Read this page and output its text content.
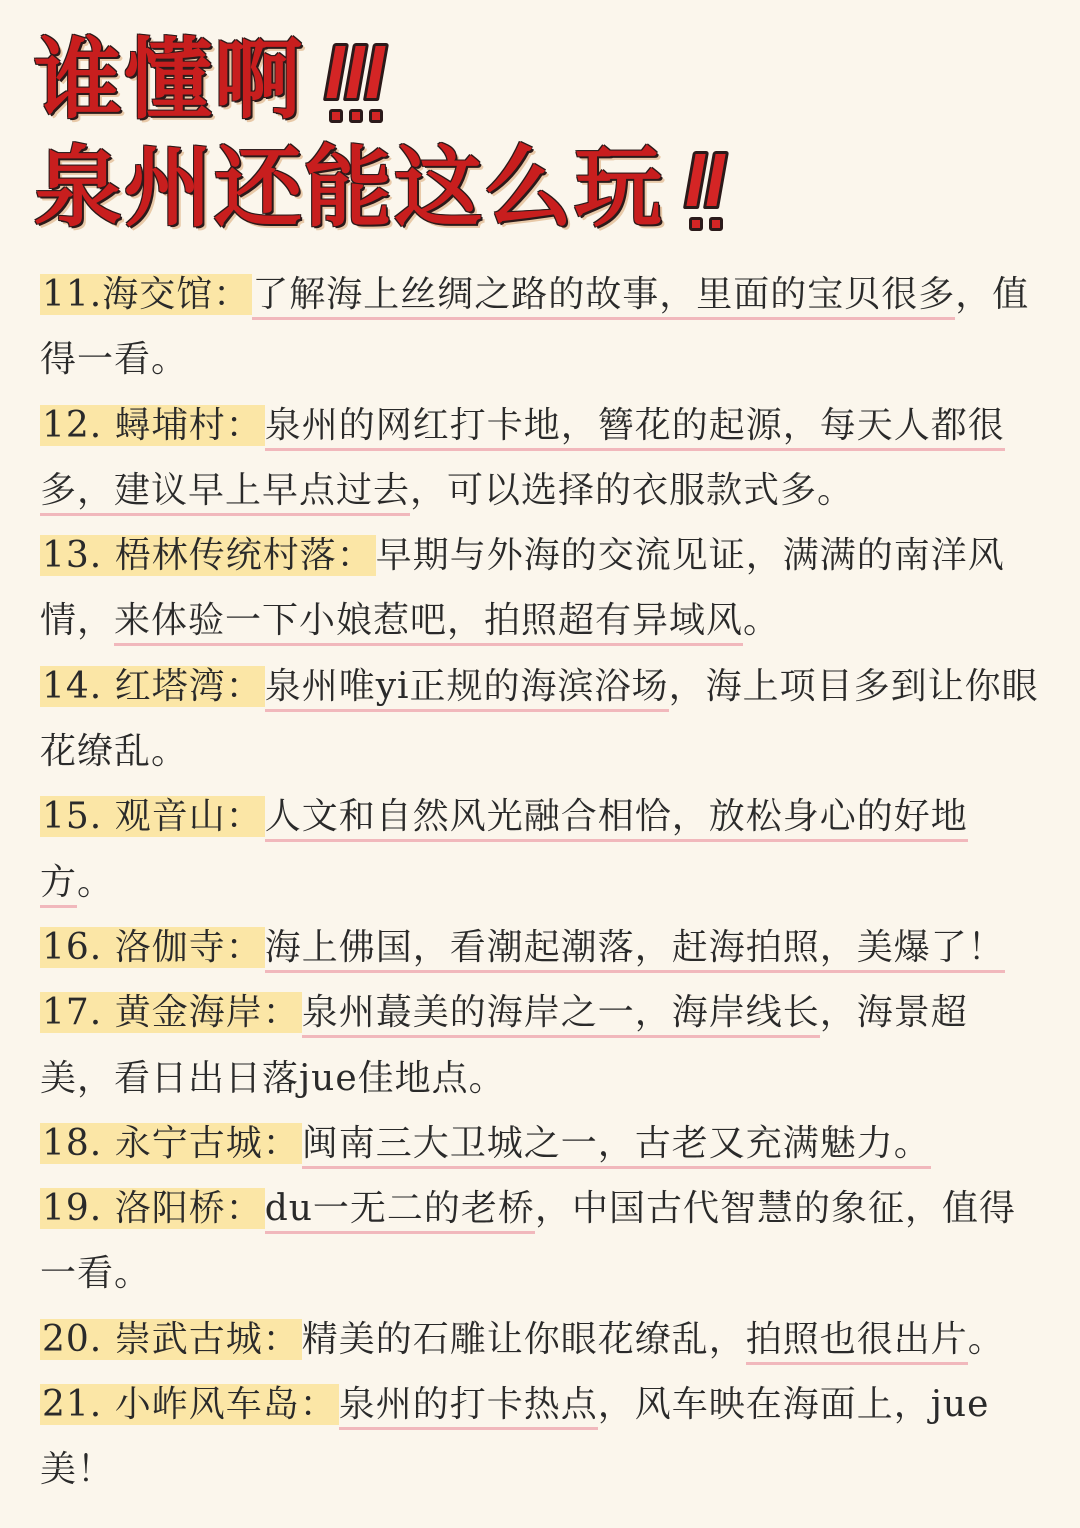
谁懂啊
泉州还能这么玩

11.海交馆：了解海上丝绸之路的故事，里面的宝贝很多，值得一看。

12. 蟳埔村：泉州的网红打卡地，簪花的起源，每天人都很多，建议早上早点过去，可以选择的衣服款式多。

13. 梧林传统村落：早期与外海的交流见证，满满的南洋风情，来体验一下小娘惹吧，拍照超有异域风。

14. 红塔湾：泉州唯yi正规的海滨浴场，海上项目多到让你眼花缭乱。

15. 观音山：人文和自然风光融合相恰，放松身心的好地方。

16. 洛伽寺：海上佛国，看潮起潮落，赶海拍照，美爆了！

17. 黄金海岸：泉州蕞美的海岸之一，海岸线长，海景超美，看日出日落jue佳地点。

18. 永宁古城：闽南三大卫城之一，古老又充满魅力。

19. 洛阳桥：du一无二的老桥，中国古代智慧的象征，值得一看。

20. 崇武古城：精美的石雕让你眼花缭乱，拍照也很出片。

21. 小岞风车岛：泉州的打卡热点，风车映在海面上，jue美！
